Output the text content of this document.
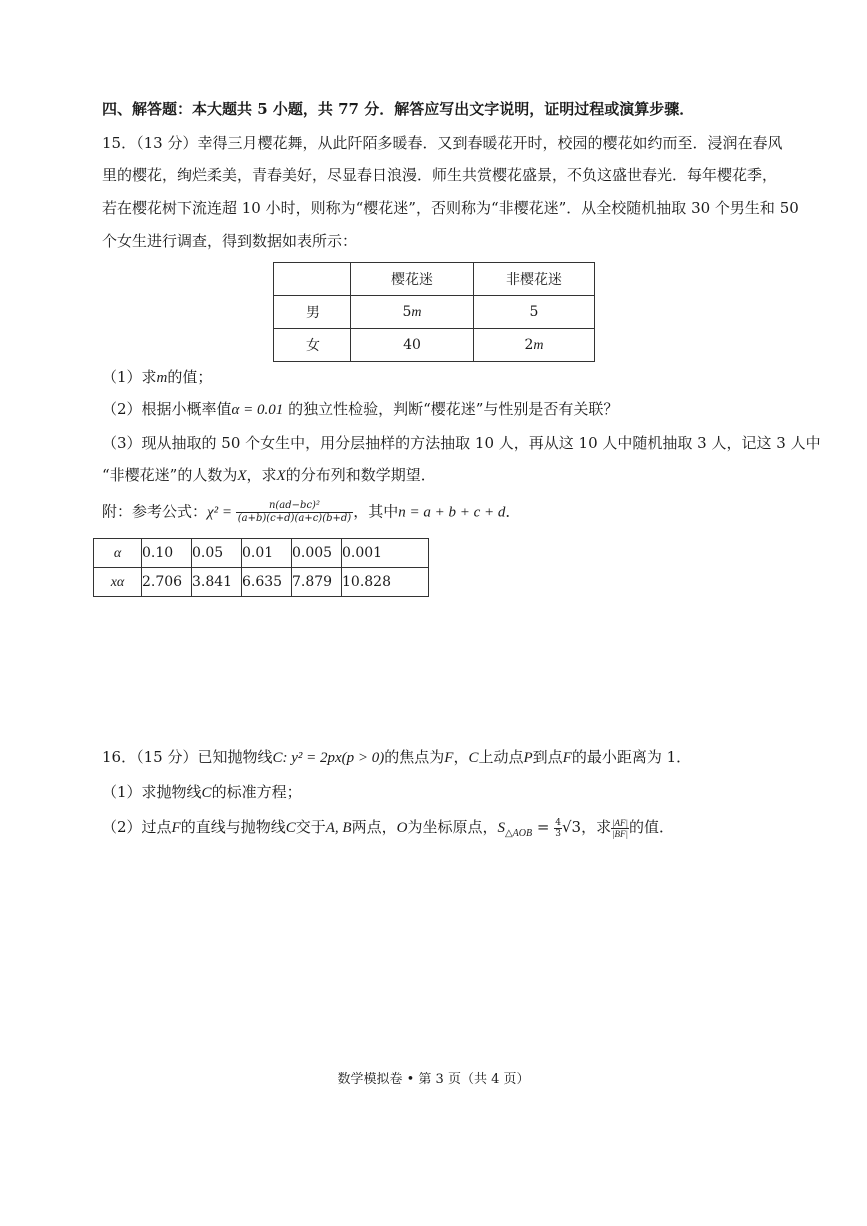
四、解答题：本大题共 5 小题，共 77 分．解答应写出文字说明，证明过程或演算步骤．
15．（13 分）幸得三月樱花舞，从此阡陌多暖春．又到春暖花开时，校园的樱花如约而至．浸润在春风
里的樱花，绚烂柔美，青春美好，尽显春日浪漫．师生共赏樱花盛景，不负这盛世春光．每年樱花季，
若在樱花树下流连超 10 小时，则称为“樱花迷”，否则称为“非樱花迷”．从全校随机抽取 30 个男生和 50
个女生进行调查，得到数据如表所示：
	樱花迷	非樱花迷
男	5m	5
女	40	2m
（1）求m的值；
（2）根据小概率值α = 0.01 的独立性检验，判断“樱花迷”与性别是否有关联？
（3）现从抽取的 50 个女生中，用分层抽样的方法抽取 10 人，再从这 10 人中随机抽取 3 人，记这 3 人中
“非樱花迷”的人数为X，求X的分布列和数学期望．
附：参考公式：$\chi^2 = \frac{\text{n(ad−bc)²}}{(a+b)(c+d)(a+c)(b+d)}$ ，其中n = a + b + c + d．
α	0.10	0.05	0.01	0.005	0.001
xα	2.706	3.841	6.635	7.879	10.828
16．（15 分）已知抛物线C: y² = 2px(p > 0)的焦点为F，C上动点P到点F的最小距离为 1．
（1）求抛物线C的标准方程；
（2）过点F的直线与抛物线C交于A, B两点，O为坐标原点，$S_{\triangle AOB} = \frac{4}{3} √3$，求 $\frac{|AF|}{|BF|}$ 的值．
数学模拟卷 • 第 3 页（共 4 页）
